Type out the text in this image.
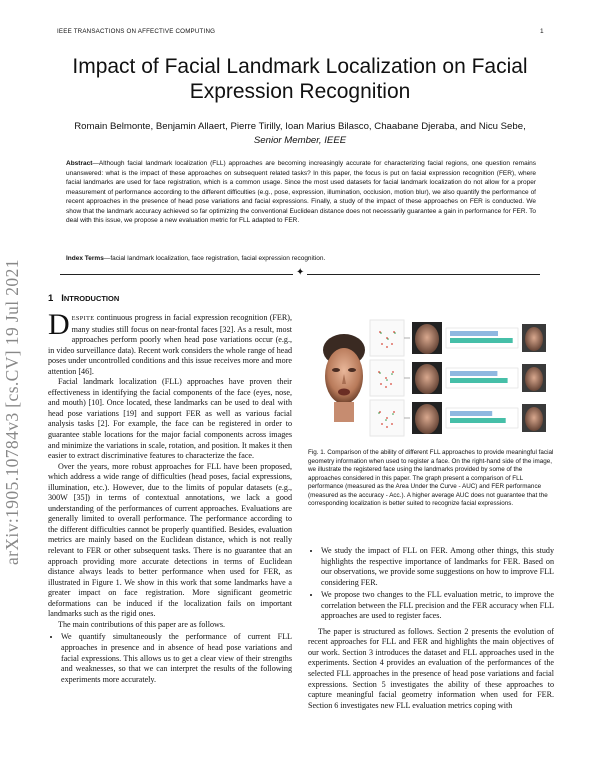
IEEE TRANSACTIONS ON AFFECTIVE COMPUTING	1
Impact of Facial Landmark Localization on Facial Expression Recognition
Romain Belmonte, Benjamin Allaert, Pierre Tirilly, Ioan Marius Bilasco, Chaabane Djeraba, and Nicu Sebe, Senior Member, IEEE
Abstract—Although facial landmark localization (FLL) approaches are becoming increasingly accurate for characterizing facial regions, one question remains unanswered: what is the impact of these approaches on subsequent related tasks? In this paper, the focus is put on facial expression recognition (FER), where facial landmarks are used for face registration, which is a common usage. Since the most used datasets for facial landmark localization do not allow for a proper measurement of performance according to the different difficulties (e.g., pose, expression, illumination, occlusion, motion blur), we also quantify the performance of recent approaches in the presence of head pose variations and facial expressions. Finally, a study of the impact of these approaches on FER is conducted. We show that the landmark accuracy achieved so far optimizing the conventional Euclidean distance does not necessarily guarantee a gain in performance for FER. To deal with this issue, we propose a new evaluation metric for FLL adapted to FER.
Index Terms—facial landmark localization, face registration, facial expression recognition.
✦
arXiv:1905.10784v3 [cs.CV] 19 Jul 2021	1 INTRODUCTION

DESPITE continuous progress in facial expression recognition (FER), many studies still focus on near-frontal faces [32]. As a result, most approaches perform poorly when head pose variations occur (e.g., in video surveillance data). Recent work considers the whole range of head poses under uncontrolled conditions and this issue receives more and more attention [46].

Facial landmark localization (FLL) approaches have proven their effectiveness in identifying the facial components of the face (eyes, nose, and mouth) [10]. Once located, these landmarks can be used to deal with head pose variations [19] and support FER as well as various facial analysis tasks [2]. For example, the face can be registered in order to guarantee stable locations for the major facial components across images and minimize the variations in scale, rotation, and position. It makes it then easier to extract discriminative features to characterize the face.

Over the years, more robust approaches for FLL have been proposed, which address a wide range of difficulties (head poses, facial expressions, illumination, etc.). However, due to the limits of popular datasets (e.g., 300W [35]) in terms of contextual annotations, we lack a good understanding of the performances of current approaches. Evaluations are generally limited to overall performance. The performance according to the different difficulties cannot be properly quantified. Besides, evaluation metrics are mainly based on the Euclidean distance, which is not really relevant to FER or other subsequent tasks. There is no guarantee that an approach providing more accurate detections in terms of Euclidean distance always leads to better performance when used for FER, as illustrated in Figure 1. We show in this work that some landmarks have a greater impact on face registration. More significant geometric deformations can be induced if the localization fails on important landmarks such as the rigid ones.

The main contributions of this paper are as follows.

• We quantify simultaneously the performance of current FLL approaches in presence and in absence of head pose variations and facial expressions. This allows us to get a clear view of their strengths and weaknesses, so that we can interpret the results of the following experiments more accurately.
Fig. 1. Comparison of the ability of different FLL approaches to provide meaningful facial geometry information when used to register a face. On the right-hand side of the image, we illustrate the registered face using the landmarks provided by some of the approaches considered in this paper. The graph present a comparison of FLL performance (measured as the Area Under the Curve - AUC) and FER performance (measured as the accuracy - Acc.). A higher average AUC does not guarantee that the corresponding localization is better suited to recognize facial expressions.
• We study the impact of FLL on FER. Among other things, this study highlights the respective importance of landmarks for FER. Based on our observations, we provide some suggestions on how to improve FLL considering FER.
• We propose two changes to the FLL evaluation metric, to improve the correlation between the FLL precision and the FER accuracy when FLL approaches are used to register faces.

The paper is structured as follows. Section 2 presents the evolution of recent approaches for FLL and FER and highlights the main objectives of our work. Section 3 introduces the dataset and FLL approaches used in the experiments. Section 4 provides an evaluation of the performances of the selected FLL approaches in the presence of head pose variations and facial expressions. Section 5 investigates the ability of these approaches to capture meaningful facial geometry information when used for FER. Section 6 investigates new FLL evaluation metrics coping with
